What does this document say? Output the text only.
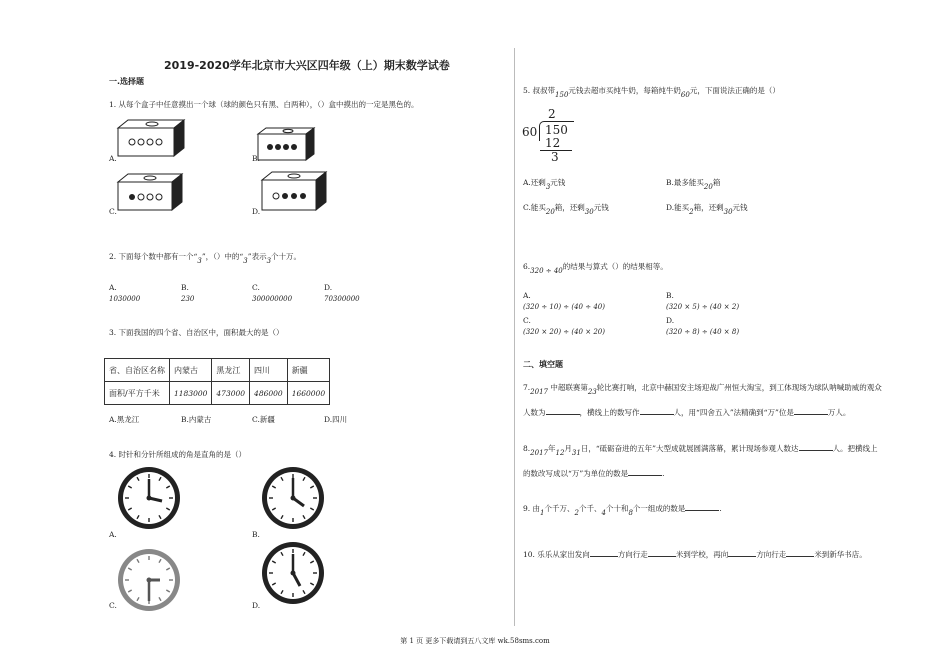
2019-2020学年北京市大兴区四年级（上）期末数学试卷
一.选择题
1. 从每个盒子中任意摸出一个球（球的颜色只有黑、白两种），（）盒中摸出的一定是黑色的。
A.	B.
C.	D.
2. 下面每个数中都有一个“3”，（）中的“3”表示3个十万。
A.
1030000
B.
230
C.
300000000
D.
70300000
3. 下面我国的四个省、自治区中，面积最大的是（）
省、自治区名称	内蒙古	黑龙江	四川	新疆
面积/平方千米	1183000	473000	486000	1660000
A.黑龙江	B.内蒙古	C.新疆	D.四川
4. 时针和分针所组成的角是直角的是（）
A.	B.
C.	D.
5. 叔叔带150元钱去超市买纯牛奶，每箱纯牛奶60元，下面说法正确的是（）
2
60 150
12
3
A.还剩3元钱	B.最多能买20箱
C.能买20箱，还剩30元钱	D.能买2箱，还剩30元钱
6.320 ÷ 40的结果与算式（）的结果相等。
A.
(320 ÷ 10) ÷ (40 ÷ 40)
B.
(320 × 5) ÷ (40 × 2)
C.
(320 × 20) ÷ (40 × 20)
D.
(320 ÷ 8) ÷ (40 × 8)
二、填空题
7.2017 中超联赛第23轮比赛打响，北京中赫国安主场迎战广州恒大淘宝，到工体现场为球队呐喊助威的观众
人数为	，横线上的数写作	人，用“四舍五入”法精确到“万”位是	万人。
8.2017年12月31日，“砥砺奋进的五年”大型成就展圆满落幕，累计现场参观人数达	人。把横线上
的数改写成以“万”为单位的数是	.
9. 由1个千万、2个千、4个十和8个一组成的数是	.
10. 乐乐从家出发向	方向行走	米到学校，再向	方向行走	米到新华书店。
第 1 页 更多下载请到五八文库 wk.58sms.com
